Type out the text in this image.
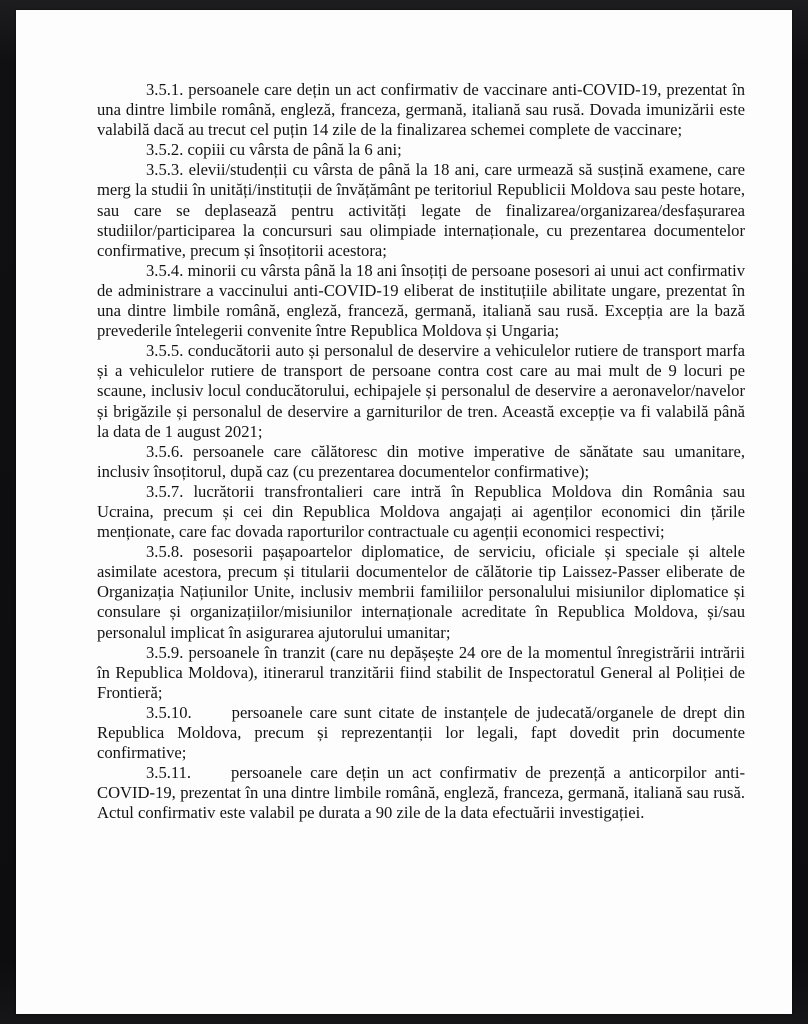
3.5.1. persoanele care dețin un act confirmativ de vaccinare anti-COVID-19, prezentat în una dintre limbile română, engleză, franceza, germană, italiană sau rusă. Dovada imunizării este valabilă dacă au trecut cel puțin 14 zile de la finalizarea schemei complete de vaccinare;

3.5.2. copiii cu vârsta de până la 6 ani;

3.5.3. elevii/studenții cu vârsta de până la 18 ani, care urmează să susțină examene, care merg la studii în unități/instituții de învățământ pe teritoriul Republicii Moldova sau peste hotare, sau care se deplasează pentru activități legate de finalizarea/organizarea/desfașurarea studiilor/participarea la concursuri sau olimpiade internaționale, cu prezentarea documentelor confirmative, precum și însoțitorii acestora;

3.5.4. minorii cu vârsta până la 18 ani însoțiți de persoane posesori ai unui act confirmativ de administrare a vaccinului anti-COVID-19 eliberat de instituțiile abilitate ungare, prezentat în una dintre limbile română, engleză, franceză, germană, italiană sau rusă. Excepția are la bază prevederile întelegerii convenite între Republica Moldova și Ungaria;

3.5.5. conducătorii auto și personalul de deservire a vehiculelor rutiere de transport marfa și a vehiculelor rutiere de transport de persoane contra cost care au mai mult de 9 locuri pe scaune, inclusiv locul conducătorului, echipajele și personalul de deservire a aeronavelor/navelor și brigăzile și personalul de deservire a garniturilor de tren. Această excepție va fi valabilă până la data de 1 august 2021;

3.5.6. persoanele care călătoresc din motive imperative de sănătate sau umanitare, inclusiv însoțitorul, după caz (cu prezentarea documentelor confirmative);

3.5.7. lucrătorii transfrontalieri care intră în Republica Moldova din România sau Ucraina, precum și cei din Republica Moldova angajați ai agenților economici din țările menționate, care fac dovada raporturilor contractuale cu agenții economici respectivi;

3.5.8. posesorii pașapoartelor diplomatice, de serviciu, oficiale și speciale și altele asimilate acestora, precum și titularii documentelor de călătorie tip Laissez-Passer eliberate de Organizația Națiunilor Unite, inclusiv membrii familiilor personalului misiunilor diplomatice și consulare și organizațiilor/misiunilor internaționale acreditate în Republica Moldova, și/sau personalul implicat în asigurarea ajutorului umanitar;

3.5.9. persoanele în tranzit (care nu depășește 24 ore de la momentul înregistrării intrării în Republica Moldova), itinerarul tranzitării fiind stabilit de Inspectoratul General al Poliției de Frontieră;

3.5.10. persoanele care sunt citate de instanțele de judecată/organele de drept din Republica Moldova, precum și reprezentanții lor legali, fapt dovedit prin documente confirmative;

3.5.11. persoanele care dețin un act confirmativ de prezență a anticorpilor anti-COVID-19, prezentat în una dintre limbile română, engleză, franceza, germană, italiană sau rusă. Actul confirmativ este valabil pe durata a 90 zile de la data efectuării investigației.
